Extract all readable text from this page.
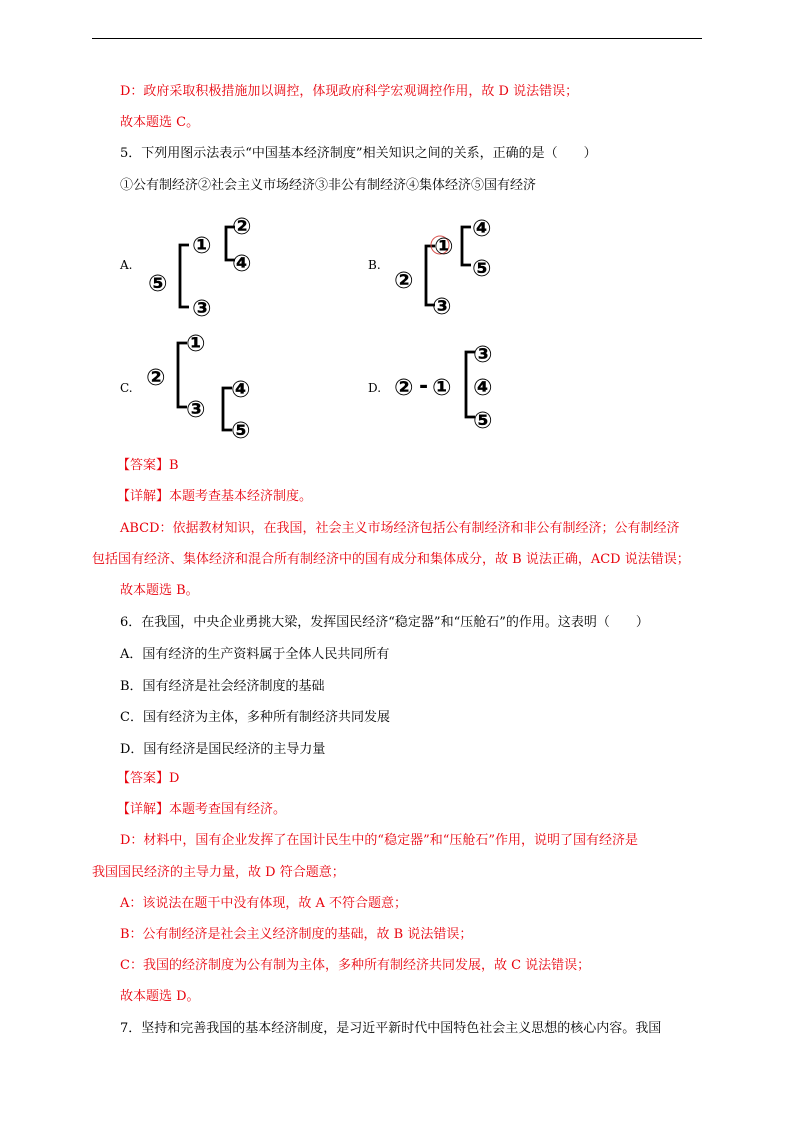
D：政府采取积极措施加以调控，体现政府科学宏观调控作用，故 D 说法错误；
故本题选 C。
5．下列用图示法表示“中国基本经济制度”相关知识之间的关系，正确的是（　　）
①公有制经济②社会主义市场经济③非公有制经济④集体经济⑤国有经济
A.
⑤
①
②
④
③
B.
②
①
④
⑤
③
C. ②
①
③
④
⑤
D. ② - ①
③
④
⑤
【答案】B
【详解】本题考查基本经济制度。
ABCD：依据教材知识，在我国，社会主义市场经济包括公有制经济和非公有制经济；公有制经济
包括国有经济、集体经济和混合所有制经济中的国有成分和集体成分，故 B 说法正确，ACD 说法错误；
故本题选 B。
6．在我国，中央企业勇挑大梁，发挥国民经济“稳定器”和“压舱石”的作用。这表明（　　）
A．国有经济的生产资料属于全体人民共同所有
B．国有经济是社会经济制度的基础
C．国有经济为主体，多种所有制经济共同发展
D．国有经济是国民经济的主导力量
【答案】D
【详解】本题考查国有经济。
D：材料中，国有企业发挥了在国计民生中的“稳定器”和“压舱石”作用，说明了国有经济是
我国国民经济的主导力量，故 D 符合题意；
A：该说法在题干中没有体现，故 A 不符合题意；
B：公有制经济是社会主义经济制度的基础，故 B 说法错误；
C：我国的经济制度为公有制为主体，多种所有制经济共同发展，故 C 说法错误；
故本题选 D。
7．坚持和完善我国的基本经济制度，是习近平新时代中国特色社会主义思想的核心内容。我国
